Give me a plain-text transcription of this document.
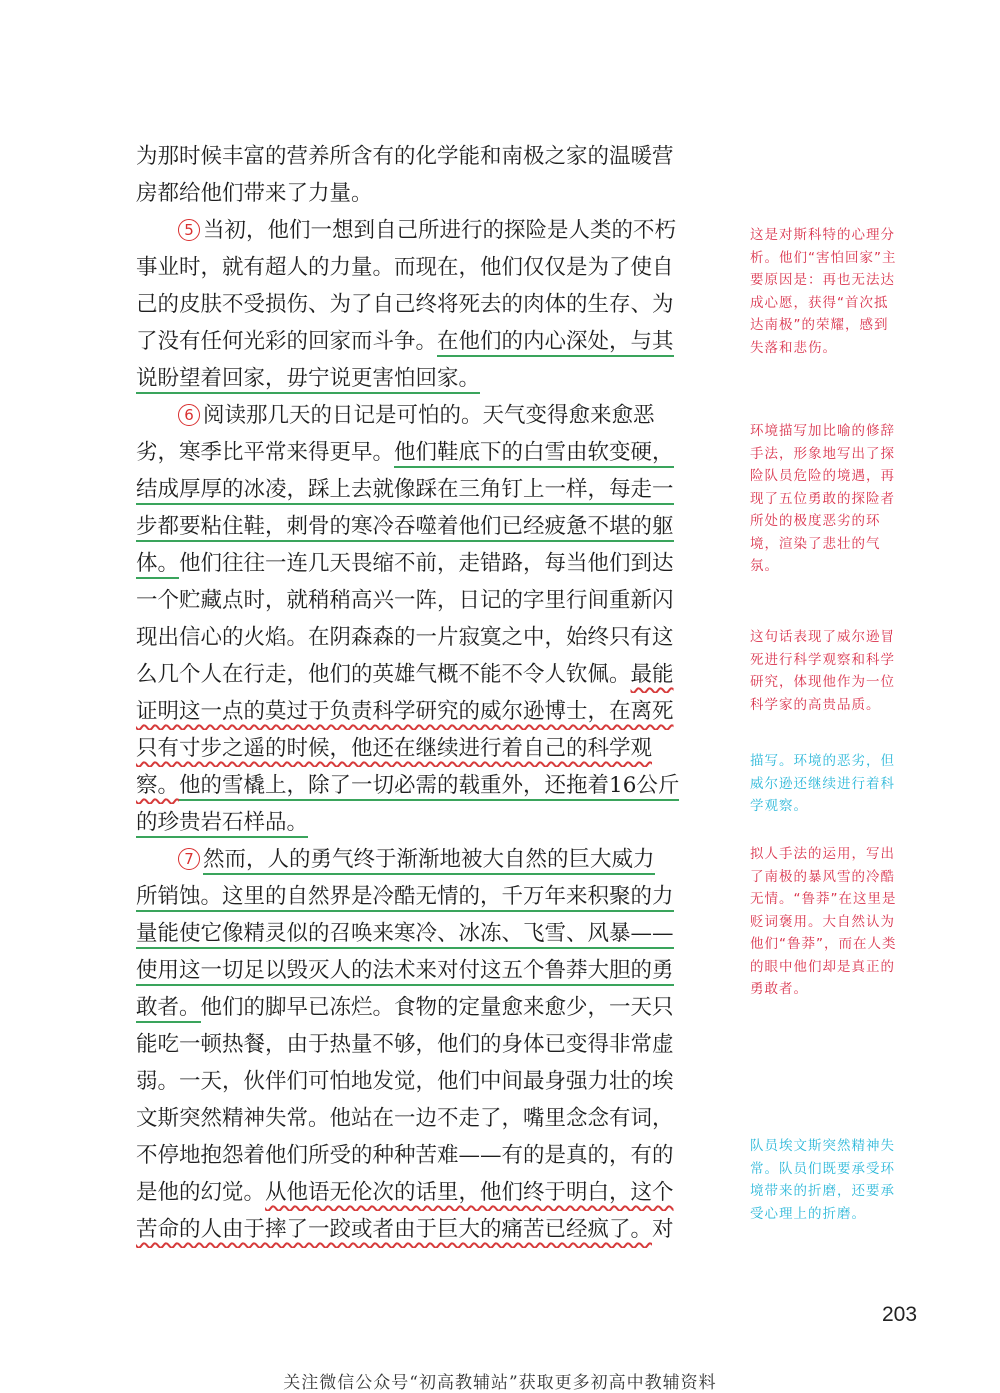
为那时候丰富的营养所含有的化学能和南极之家的温暖营
房都给他们带来了力量。
5 当初，他们一想到自己所进行的探险是人类的不朽
事业时，就有超人的力量。而现在，他们仅仅是为了使自
己的皮肤不受损伤、为了自己终将死去的肉体的生存、为
了没有任何光彩的回家而斗争。在他们的内心深处，与其
说盼望着回家，毋宁说更害怕回家。
6 阅读那几天的日记是可怕的。天气变得愈来愈恶
劣，寒季比平常来得更早。他们鞋底下的白雪由软变硬，
结成厚厚的冰凌，踩上去就像踩在三角钉上一样，每走一
步都要粘住鞋，刺骨的寒冷吞噬着他们已经疲惫不堪的躯
体。他们往往一连几天畏缩不前，走错路，每当他们到达
一个贮藏点时，就稍稍高兴一阵，日记的字里行间重新闪
现出信心的火焰。在阴森森的一片寂寞之中，始终只有这
么几个人在行走，他们的英雄气概不能不令人钦佩。最能
证明这一点的莫过于负责科学研究的威尔逊博士，在离死
只有寸步之遥的时候，他还在继续进行着自己的科学观
察。他的雪橇上，除了一切必需的载重外，还拖着16公斤
的珍贵岩石样品。
7 然而，人的勇气终于渐渐地被大自然的巨大威力
所销蚀。这里的自然界是冷酷无情的，千万年来积聚的力
量能使它像精灵似的召唤来寒冷、冰冻、飞雪、风暴——
使用这一切足以毁灭人的法术来对付这五个鲁莽大胆的勇
敢者。他们的脚早已冻烂。食物的定量愈来愈少，一天只
能吃一顿热餐，由于热量不够，他们的身体已变得非常虚
弱。一天，伙伴们可怕地发觉，他们中间最身强力壮的埃
文斯突然精神失常。他站在一边不走了，嘴里念念有词，
不停地抱怨着他们所受的种种苦难——有的是真的，有的
是他的幻觉。从他语无伦次的话里，他们终于明白，这个
苦命的人由于摔了一跤或者由于巨大的痛苦已经疯了。对
这是对斯科特的心理分析。他们“害怕回家”主要原因是：再也无法达成心愿，获得“首次抵达南极”的荣耀，感到失落和悲伤。
环境描写加比喻的修辞手法，形象地写出了探险队员危险的境遇，再现了五位勇敢的探险者所处的极度恶劣的环境，渲染了悲壮的气氛。
这句话表现了威尔逊冒死进行科学观察和科学研究，体现他作为一位科学家的高贵品质。
描写。环境的恶劣，但威尔逊还继续进行着科学观察。
拟人手法的运用，写出了南极的暴风雪的冷酷无情。“鲁莽”在这里是贬词褒用。大自然认为他们“鲁莽”，而在人类的眼中他们却是真正的勇敢者。
队员埃文斯突然精神失常。队员们既要承受环境带来的折磨，还要承受心理上的折磨。
203
关注微信公众号“初高教辅站”获取更多初高中教辅资料
